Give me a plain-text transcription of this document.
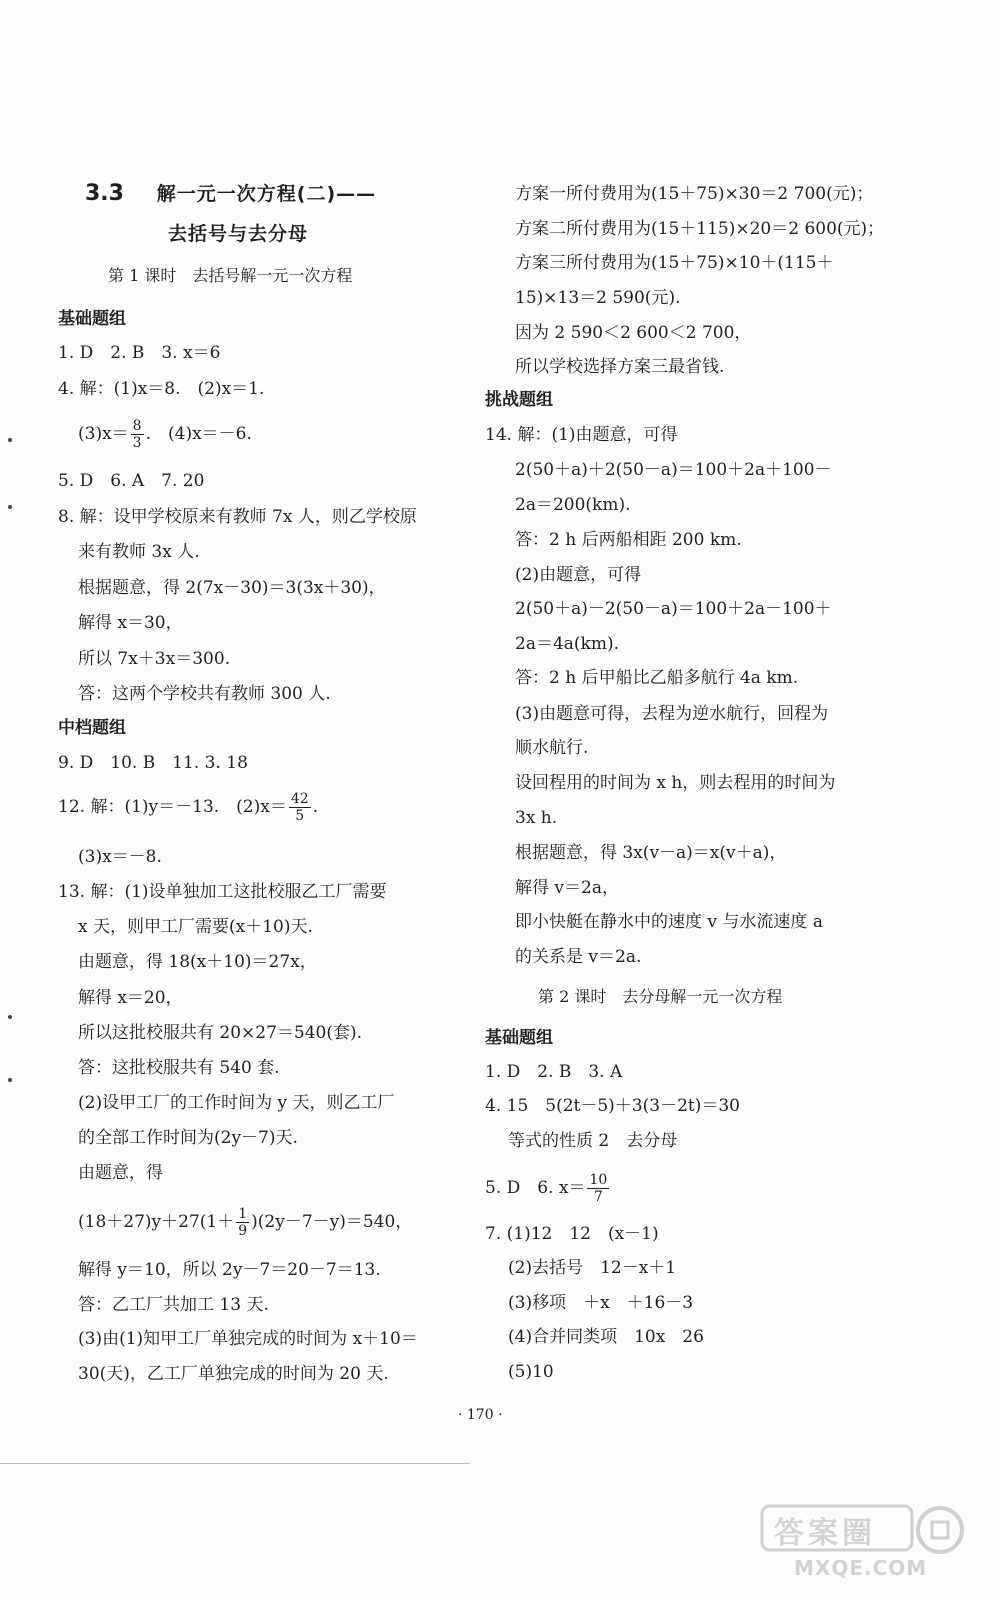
3.3 解一元一次方程(二)——
去括号与去分母
第 1 课时　去括号解一元一次方程
基础题组
1. D　2. B　3. x＝6
4. 解：(1)x＝8.　(2)x＝1.
$(3)x= \frac{8}{3}$ .　(4)x＝－6.
5. D　6. A　7. 20
8. 解：设甲学校原来有教师 7x 人，则乙学校原
来有教师 3x 人.
根据题意，得 2(7x－30)＝3(3x＋30)，
解得 x＝30，
所以 7x＋3x＝300.
答：这两个学校共有教师 300 人.
中档题组
9. D　10. B　11. 3. 18
12. 解：(1)y＝－13.　$(2)x= \frac{42}{5}$ .
(3)x＝－8.
13. 解：(1)设单独加工这批校服乙工厂需要
x 天，则甲工厂需要(x＋10)天.
由题意，得 18(x＋10)＝27x，
解得 x＝20，
所以这批校服共有 20×27＝540(套).
答：这批校服共有 540 套.
(2)设甲工厂的工作时间为 y 天，则乙工厂
的全部工作时间为(2y－7)天.
由题意，得
$(18+27)y+27(1+ \frac{1}{9} )(2y-7-y)=540$，
解得 y＝10，所以 2y－7＝20－7＝13.
答：乙工厂共加工 13 天.
(3)由(1)知甲工厂单独完成的时间为 x＋10＝
30(天)，乙工厂单独完成的时间为 20 天.
方案一所付费用为(15＋75)×30＝2 700(元)；
方案二所付费用为(15＋115)×20＝2 600(元)；
方案三所付费用为(15＋75)×10＋(115＋
15)×13＝2 590(元).
因为 2 590＜2 600＜2 700，
所以学校选择方案三最省钱.
挑战题组
14. 解：(1)由题意，可得
2(50＋a)＋2(50－a)＝100＋2a＋100－
2a＝200(km).
答：2 h 后两船相距 200 km.
(2)由题意，可得
2(50＋a)－2(50－a)＝100＋2a－100＋
2a＝4a(km).
答：2 h 后甲船比乙船多航行 4a km.
(3)由题意可得，去程为逆水航行，回程为
顺水航行.
设回程用的时间为 x h，则去程用的时间为
3x h.
根据题意，得 3x(v－a)＝x(v＋a)，
解得 v＝2a，
即小快艇在静水中的速度 v 与水流速度 a
的关系是 v＝2a.
第 2 课时　去分母解一元一次方程
基础题组
1. D　2. B　3. A
4. 15　5(2t－5)＋3(3－2t)＝30
等式的性质 2　去分母
5. D　6. $x= \frac{10}{7}$
7. (1)12　12　(x－1)
(2)去括号　12－x＋1
(3)移项　＋x　＋16－3
(4)合并同类项　10x　26
(5)10
· 170 ·
答案圈
MXQE.COM
